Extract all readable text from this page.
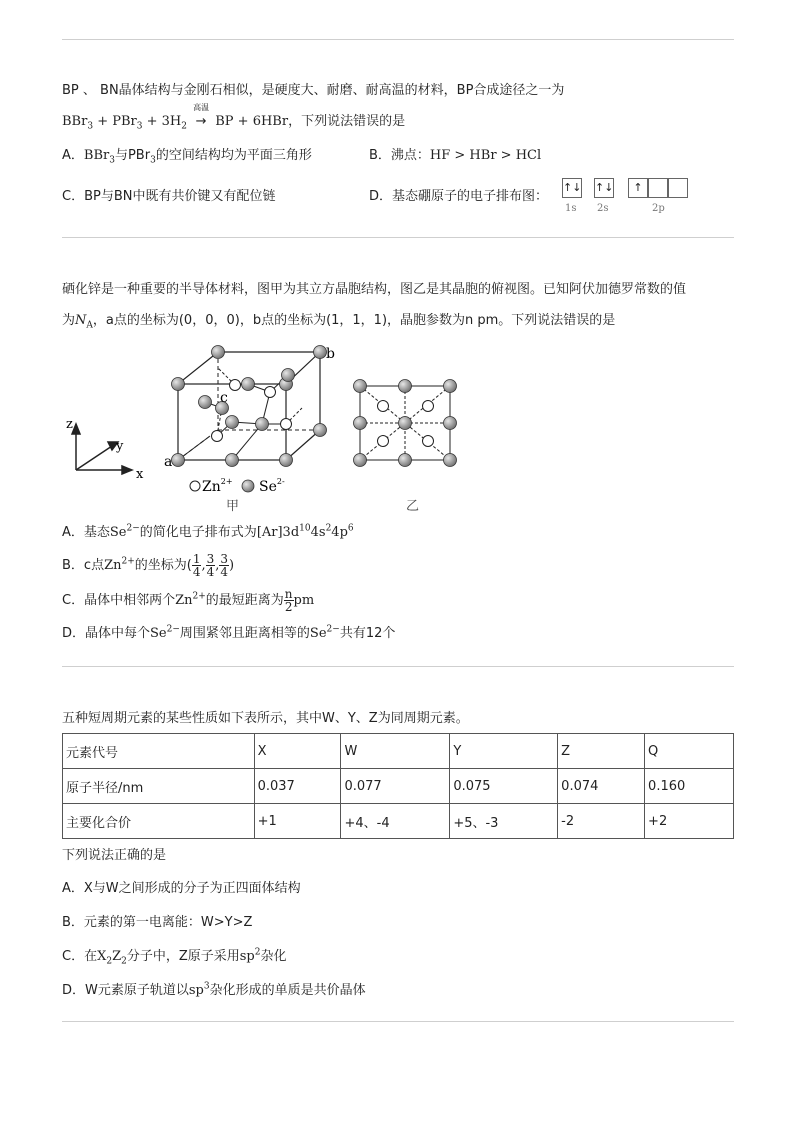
BP 、 BN晶体结构与金刚石相似，是硬度大、耐磨、耐高温的材料，BP合成途径之一为
$BBr_3 + PBr_3 + 3H_2$
高温
→ BP + 6HBr，下列说法错误的是
A．BBr$_3$与PBr$_3$的空间结构均为平面三角形	B．沸点：HF > HBr > HCl
C．BP与BN中既有共价键又有配位链	D．基态硼原子的电子排布图：
↑↓ ↑↓	↑
1s 2s	2p
硒化锌是一种重要的半导体材料，图甲为其立方晶胞结构，图乙是其晶胞的俯视图。已知阿伏加德罗常数的值
为$N_A$，a点的坐标为(0，0，0)，b点的坐标为(1，1，1)，晶胞参数为n pm。下列说法错误的是
z
x
y
a
b
c
$Zn^{2+}$ $Se^{2-}$
甲	乙
A．基态$Se^{2-}$的简化电子排布式为$[Ar]3d^{10}4s^24p^6$
B．c点$Zn^{2+}$的坐标为( $\frac{1}{4}$ , $\frac{3}{4}$ , $\frac{3}{4}$ )
C．晶体中相邻两个$Zn^{2+}$的最短距离为 $\frac{n}{2}$ pm
D．晶体中每个$Se^{2-}$周围紧邻且距离相等的$Se^{2-}$共有12个
五种短周期元素的某些性质如下表所示，其中W、Y、Z为同周期元素。
元素代号	X	W	Y	Z	Q
原子半径/nm	0.037	0.077	0.075	0.074	0.160
主要化合价	+1	+4、-4	+5、-3	-2	+2
下列说法正确的是
A．X与W之间形成的分子为正四面体结构
B．元素的第一电离能：W>Y>Z
C．在$X_2Z_2$分子中，Z原子采用$sp^2$杂化
D．W元素原子轨道以$sp^3$杂化形成的单质是共价晶体
